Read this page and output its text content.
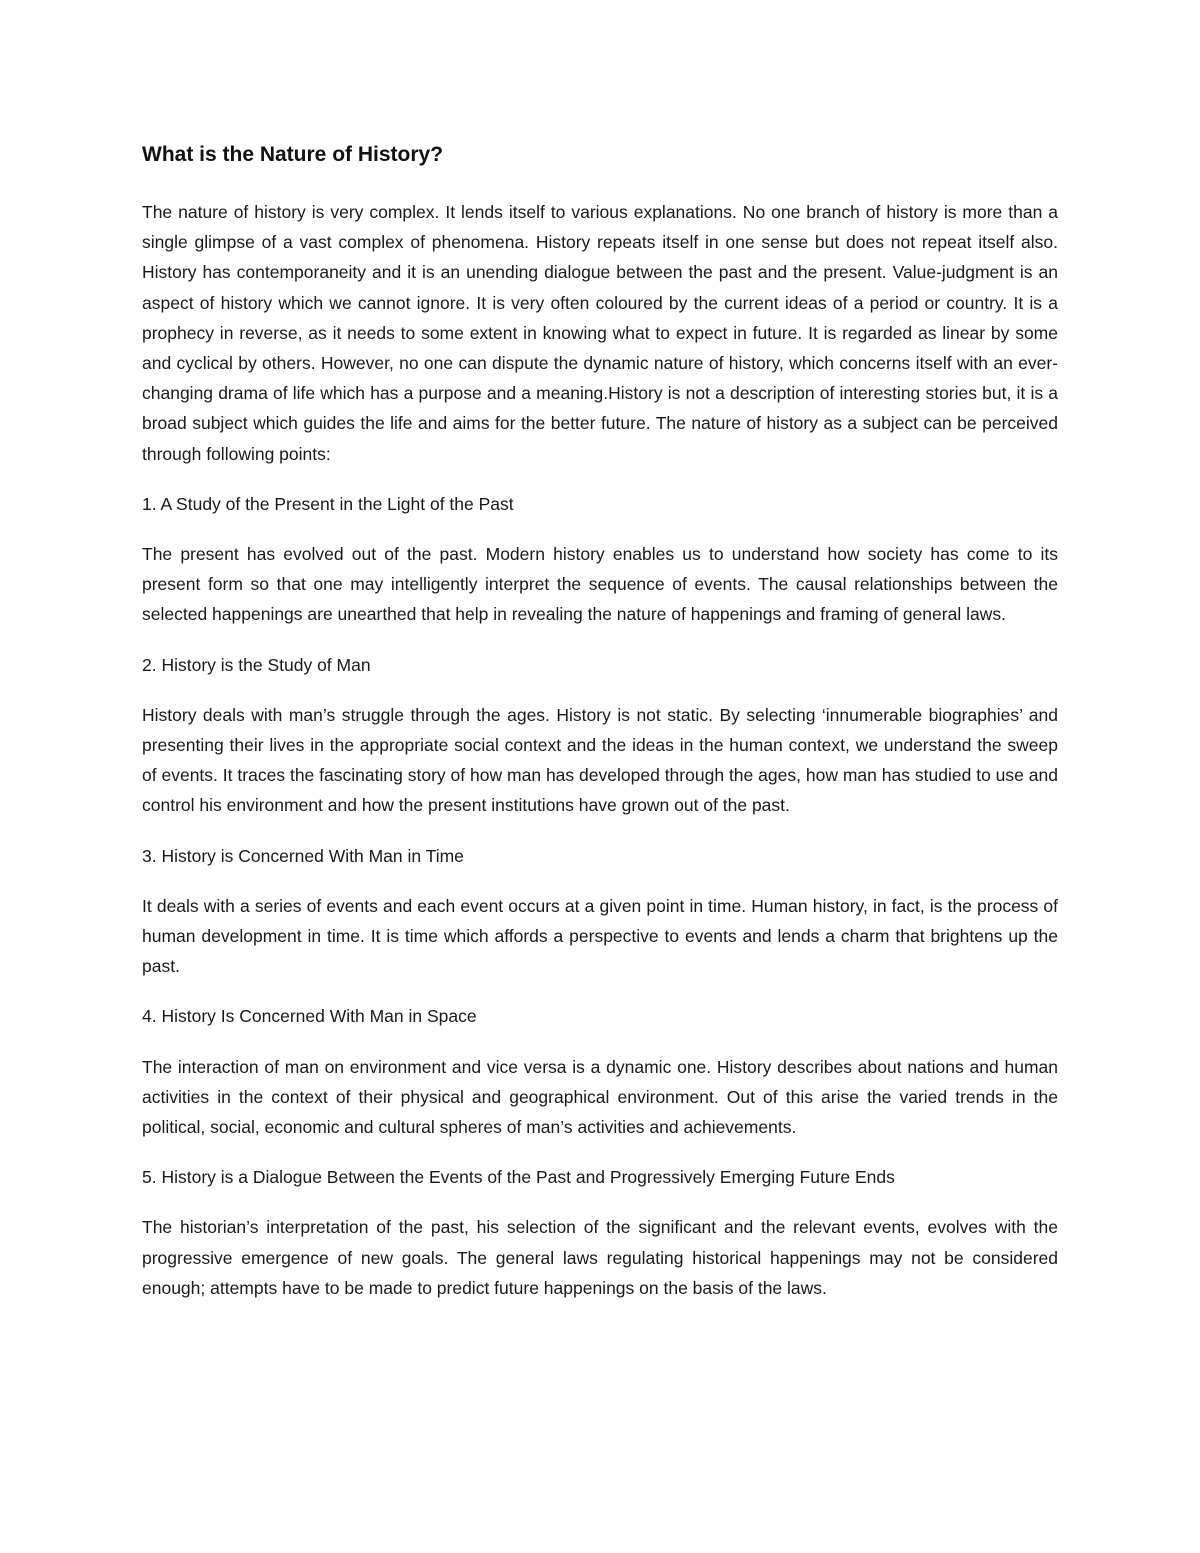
What is the Nature of History?

The nature of history is very complex. It lends itself to various explanations. No one branch of history is more than a single glimpse of a vast complex of phenomena. History repeats itself in one sense but does not repeat itself also. History has contemporaneity and it is an unending dialogue between the past and the present. Value-judgment is an aspect of history which we cannot ignore. It is very often coloured by the current ideas of a period or country. It is a prophecy in reverse, as it needs to some extent in knowing what to expect in future. It is regarded as linear by some and cyclical by others. However, no one can dispute the dynamic nature of history, which concerns itself with an ever-changing drama of life which has a purpose and a meaning.History is not a description of interesting stories but, it is a broad subject which guides the life and aims for the better future. The nature of history as a subject can be perceived through following points:

1. A Study of the Present in the Light of the Past

The present has evolved out of the past. Modern history enables us to understand how society has come to its present form so that one may intelligently interpret the sequence of events. The causal relationships between the selected happenings are unearthed that help in revealing the nature of happenings and framing of general laws.

2. History is the Study of Man

History deals with man’s struggle through the ages. History is not static. By selecting ‘innumerable biographies’ and presenting their lives in the appropriate social context and the ideas in the human context, we understand the sweep of events. It traces the fascinating story of how man has developed through the ages, how man has studied to use and control his environment and how the present institutions have grown out of the past.

3. History is Concerned With Man in Time

It deals with a series of events and each event occurs at a given point in time. Human history, in fact, is the process of human development in time. It is time which affords a perspective to events and lends a charm that brightens up the past.

4. History Is Concerned With Man in Space

The interaction of man on environment and vice versa is a dynamic one. History describes about nations and human activities in the context of their physical and geographical environment. Out of this arise the varied trends in the political, social, economic and cultural spheres of man’s activities and achievements.

5. History is a Dialogue Between the Events of the Past and Progressively Emerging Future Ends

The historian’s interpretation of the past, his selection of the significant and the relevant events, evolves with the progressive emergence of new goals. The general laws regulating historical happenings may not be considered enough; attempts have to be made to predict future happenings on the basis of the laws.
